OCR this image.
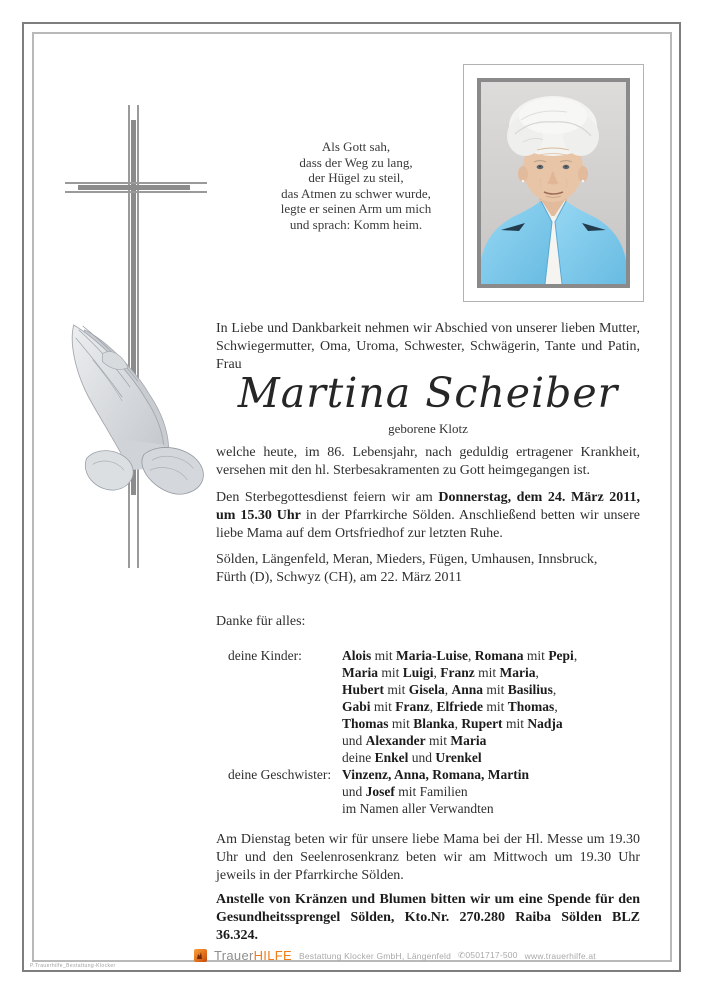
Als Gott sah,
dass der Weg zu lang,
der Hügel zu steil,
das Atmen zu schwer wurde,
legte er seinen Arm um mich
und sprach: Komm heim.
In Liebe und Dankbarkeit nehmen wir Abschied von unserer lieben Mutter, Schwiegermutter, Oma, Uroma, Schwester, Schwägerin, Tante und Patin, Frau
Martina Scheiber
geborene Klotz
welche heute, im 86. Lebensjahr, nach geduldig ertragener Krankheit, versehen mit den hl. Sterbesakramenten zu Gott heimgegangen ist.
Den Sterbegottesdienst feiern wir am Donnerstag, dem 24. März 2011, um 15.30 Uhr in der Pfarrkirche Sölden. Anschließend betten wir unsere liebe Mama auf dem Ortsfriedhof zur letzten Ruhe.
Sölden, Längenfeld, Meran, Mieders, Fügen, Umhausen, Innsbruck,
Fürth (D), Schwyz (CH), am 22. März 2011
Danke für alles:
deine Kinder:	Alois mit Maria-Luise, Romana mit Pepi,
Maria mit Luigi, Franz mit Maria,
Hubert mit Gisela, Anna mit Basilius,
Gabi mit Franz, Elfriede mit Thomas,
Thomas mit Blanka, Rupert mit Nadja
und Alexander mit Maria
deine Enkel und Urenkel
deine Geschwister: Vinzenz, Anna, Romana, Martin
und Josef mit Familien
im Namen aller Verwandten
Am Dienstag beten wir für unsere liebe Mama bei der Hl. Messe um 19.30 Uhr und den Seelenrosenkranz beten wir am Mittwoch um 19.30 Uhr jeweils in der Pfarrkirche Sölden.
Anstelle von Kränzen und Blumen bitten wir um eine Spende für den Gesundheitssprengel Sölden, Kto.Nr. 270.280 Raiba Sölden BLZ 36.324.
TrauerHILFE Bestattung Klocker GmbH, Längenfeld ✆0501717-500 www.trauerhilfe.at
P.Trauerhilfe_Bestattung-Klocker
